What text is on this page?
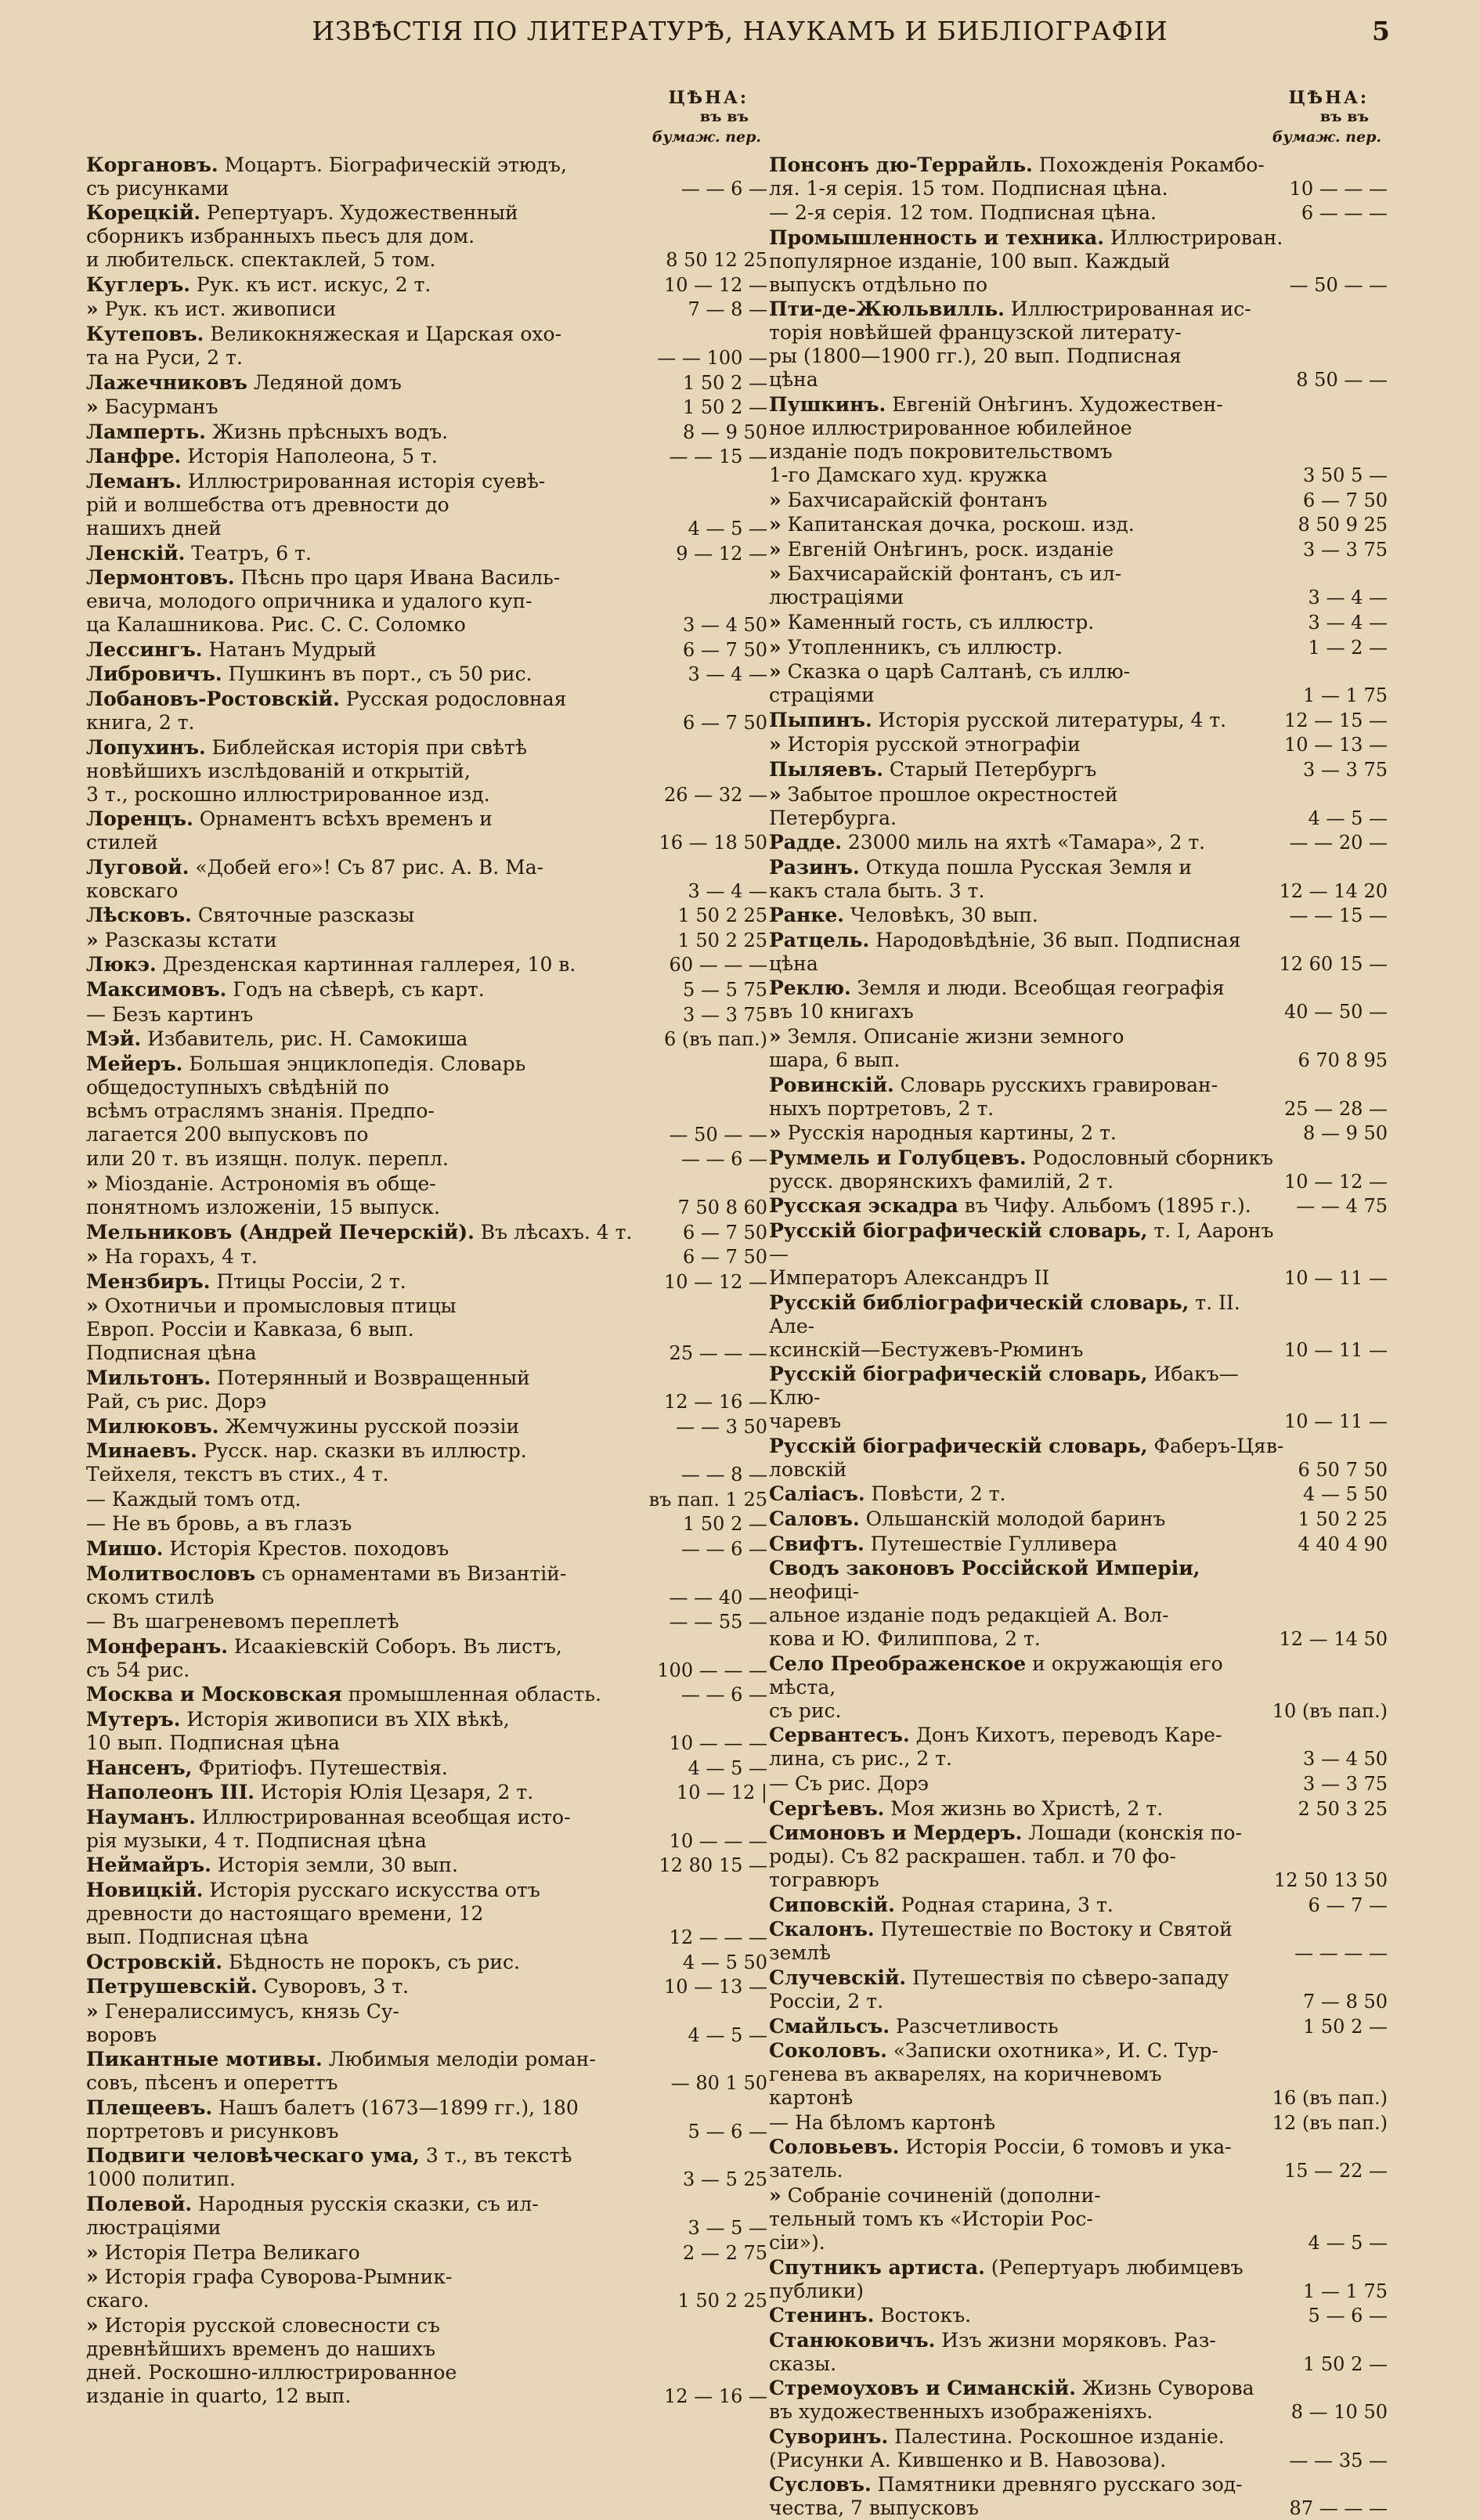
ИЗВѢСТІЯ ПО ЛИТЕРАТУРѢ, НАУКАМЪ И БИБЛІОГРАФІИ	5
ЦѢНА:
въ въ
бумаж. пер.
Коргановъ. Моцартъ. Біографическій этюдъ,
съ рисунками	— — 6 —
Корецкій. Репертуаръ. Художественный
сборникъ избранныхъ пьесъ для дом.
и любительск. спектаклей, 5 том.	8 50 12 25
Куглеръ. Рук. къ ист. искус, 2 т.	10 — 12 —
» Рук. къ ист. живописи	7 — 8 —
Кутеповъ. Великокняжеская и Царская охо-
та на Руси, 2 т.	— — 100 —
Лажечниковъ Ледяной домъ	1 50 2 —
» Басурманъ	1 50 2 —
Ламперть. Жизнь прѣсныхъ водъ.	8 — 9 50
Ланфре. Исторія Наполеона, 5 т.	— — 15 —
Леманъ. Иллюстрированная исторія суевѣ-
рій и волшебства отъ древности до
нашихъ дней	4 — 5 —
Ленскій. Театръ, 6 т.	9 — 12 —
Лермонтовъ. Пѣснь про царя Ивана Василь-
евича, молодого опричника и удалого куп-
ца Калашникова. Рис. С. С. Соломко	3 — 4 50
Лессингъ. Натанъ Мудрый	6 — 7 50
Либровичъ. Пушкинъ въ порт., съ 50 рис.	3 — 4 —
Лобановъ-Ростовскій. Русская родословная
книга, 2 т.	6 — 7 50
Лопухинъ. Библейская исторія при свѣтѣ
новѣйшихъ изслѣдованій и открытій,
3 т., роскошно иллюстрированное изд.	26 — 32 —
Лоренцъ. Орнаментъ всѣхъ временъ и
стилей	16 — 18 50
Луговой. «Добей его»! Съ 87 рис. А. В. Ма-
ковскаго	3 — 4 —
Лѣсковъ. Святочные разсказы	1 50 2 25
» Разсказы кстати	1 50 2 25
Люкэ. Дрезденская картинная галлерея, 10 в.	60 — — —
Максимовъ. Годъ на сѣверѣ, съ карт.	5 — 5 75
— Безъ картинъ	3 — 3 75
Мэй. Избавитель, рис. Н. Самокиша	6 (въ пап.)
Мейеръ. Большая энциклопедія. Словарь
общедоступныхъ свѣдѣній по
всѣмъ отраслямъ знанія. Предпо-
лагается 200 выпусковъ по	— 50 — —
или 20 т. въ изящн. полук. перепл.	— — 6 —
» Міозданіе. Астрономія въ обще-
понятномъ изложеніи, 15 выпуск.	7 50 8 60
Мельниковъ (Андрей Печерскій). Въ лѣсахъ. 4 т.	6 — 7 50
» На горахъ, 4 т.	6 — 7 50
Мензбиръ. Птицы Россіи, 2 т.	10 — 12 —
» Охотничьи и промысловыя птицы
Европ. Россіи и Кавказа, 6 вып.
Подписная цѣна	25 — — —
Мильтонъ. Потерянный и Возвращенный
Рай, съ рис. Дорэ	12 — 16 —
Милюковъ. Жемчужины русской поэзіи	— — 3 50
Минаевъ. Русск. нар. сказки въ иллюстр.
Тейхеля, текстъ въ стих., 4 т.	— — 8 —
— Каждый томъ отд.	въ пап. 1 25
— Не въ бровь, а въ глазъ	1 50 2 —
Мишо. Исторія Крестов. походовъ	— — 6 —
Молитвословъ съ орнаментами въ Византій-
скомъ стилѣ	— — 40 —
— Въ шагреневомъ переплетѣ	— — 55 —
Монферанъ. Исаакіевскій Соборъ. Въ листъ,
съ 54 рис.	100 — — —
Москва и Московская промышленная область.	— — 6 —
Мутеръ. Исторія живописи въ XIX вѣкѣ,
10 вып. Подписная цѣна	10 — — —
Нансенъ, Фритіофъ. Путешествія.	4 — 5 —
Наполеонъ III. Исторія Юлія Цезаря, 2 т.	10 — 12 |
Науманъ. Иллюстрированная всеобщая исто-
рія музыки, 4 т. Подписная цѣна	10 — — —
Неймайръ. Исторія земли, 30 вып.	12 80 15 —
Новицкій. Исторія русскаго искусства отъ
древности до настоящаго времени, 12
вып. Подписная цѣна	12 — — —
Островскій. Бѣдность не порокъ, съ рис.	4 — 5 50
Петрушевскій. Суворовъ, 3 т.	10 — 13 —
» Генералиссимусъ, князь Су-
воровъ	4 — 5 —
Пикантные мотивы. Любимыя мелодіи роман-
совъ, пѣсенъ и опереттъ	— 80 1 50
Плещеевъ. Нашъ балетъ (1673—1899 гг.), 180
портретовъ и рисунковъ	5 — 6 —
Подвиги человѣческаго ума, 3 т., въ текстѣ
1000 политип.	3 — 5 25
Полевой. Народныя русскія сказки, съ ил-
люстраціями	3 — 5 —
» Исторія Петра Великаго	2 — 2 75
» Исторія графа Суворова-Рымник-
скаго.	1 50 2 25
» Исторія русской словесности съ
древнѣйшихъ временъ до нашихъ
дней. Роскошно-иллюстрированное
изданіе in quarto, 12 вып.	12 — 16 —
ЦѢНА:
въ въ
бумаж. пер.
Понсонъ дю-Террайль. Похожденія Рокамбо-
ля. 1-я серія. 15 том. Подписная цѣна.	10 — — —
— 2-я серія. 12 том. Подписная цѣна.	6 — — —
Промышленность и техника. Иллюстрирован.
популярное изданіе, 100 вып. Каждый
выпускъ отдѣльно по	— 50 — —
Пти-де-Жюльвилль. Иллюстрированная ис-
торія новѣйшей французской литерату-
ры (1800—1900 гг.), 20 вып. Подписная
цѣна	8 50 — —
Пушкинъ. Евгеній Онѣгинъ. Художествен-
ное иллюстрированное юбилейное
изданіе подъ покровительствомъ
1-го Дамскаго худ. кружка	3 50 5 —
» Бахчисарайскій фонтанъ	6 — 7 50
» Капитанская дочка, роскош. изд.	8 50 9 25
» Евгеній Онѣгинъ, роск. изданіе	3 — 3 75
» Бахчисарайскій фонтанъ, съ ил-
люстраціями	3 — 4 —
» Каменный гость, съ иллюстр.	3 — 4 —
» Утопленникъ, съ иллюстр.	1 — 2 —
» Сказка о царѣ Салтанѣ, съ иллю-
страціями	1 — 1 75
Пыпинъ. Исторія русской литературы, 4 т.	12 — 15 —
» Исторія русской этнографіи	10 — 13 —
Пыляевъ. Старый Петербургъ	3 — 3 75
» Забытое прошлое окрестностей
Петербурга.	4 — 5 —
Радде. 23000 миль на яхтѣ «Тамара», 2 т.	— — 20 —
Разинъ. Откуда пошла Русская Земля и
какъ стала быть. 3 т.	12 — 14 20
Ранке. Человѣкъ, 30 вып.	— — 15 —
Ратцель. Народовѣдѣніе, 36 вып. Подписная
цѣна	12 60 15 —
Реклю. Земля и люди. Всеобщая географія
въ 10 книгахъ	40 — 50 —
» Земля. Описаніе жизни земного
шара, 6 вып.	6 70 8 95
Ровинскій. Словарь русскихъ гравирован-
ныхъ портретовъ, 2 т.	25 — 28 —
» Русскія народныя картины, 2 т.	8 — 9 50
Руммель и Голубцевъ. Родословный сборникъ
русск. дворянскихъ фамилій, 2 т.	10 — 12 —
Русская эскадра въ Чифу. Альбомъ (1895 г.).	— — 4 75
Русскій біографическій словарь, т. I, Ааронъ—
Императоръ Александръ II	10 — 11 —
Русскій библіографическій словарь, т. II. Але-
ксинскій—Бестужевъ-Рюминъ	10 — 11 —
Русскій біографическій словарь, Ибакъ—Клю-
чаревъ	10 — 11 —
Русскій біографическій словарь, Фаберъ-Цяв-
ловскій	6 50 7 50
Саліасъ. Повѣсти, 2 т.	4 — 5 50
Саловъ. Ольшанскій молодой баринъ	1 50 2 25
Свифтъ. Путешествіе Гулливера	4 40 4 90
Сводъ законовъ Россійской Имперіи, неофиці-
альное изданіе подъ редакціей А. Вол-
кова и Ю. Филиппова, 2 т.	12 — 14 50
Село Преображенское и окружающія его мѣста,
съ рис.	10 (въ пап.)
Сервантесъ. Донъ Кихотъ, переводъ Каре-
лина, съ рис., 2 т.	3 — 4 50
— Съ рис. Дорэ	3 — 3 75
Сергѣевъ. Моя жизнь во Христѣ, 2 т.	2 50 3 25
Симоновъ и Мердеръ. Лошади (конскія по-
роды). Съ 82 раскрашен. табл. и 70 фо-
тогравюръ	12 50 13 50
Сиповскій. Родная старина, 3 т.	6 — 7 —
Скалонъ. Путешествіе по Востоку и Святой
землѣ	— — — —
Случевскій. Путешествія по сѣверо-западу
Россіи, 2 т.	7 — 8 50
Смайльсъ. Разсчетливость	1 50 2 —
Соколовъ. «Записки охотника», И. С. Тур-
генева въ акварелях, на коричневомъ
картонѣ	16 (въ пап.)
— На бѣломъ картонѣ	12 (въ пап.)
Соловьевъ. Исторія Россіи, 6 томовъ и ука-
затель.	15 — 22 —
» Собраніе сочиненій (дополни-
тельный томъ къ «Исторіи Рос-
сіи»).	4 — 5 —
Спутникъ артиста. (Репертуаръ любимцевъ
публики)	1 — 1 75
Стенинъ. Востокъ.	5 — 6 —
Станюковичъ. Изъ жизни моряковъ. Раз-
сказы.	1 50 2 —
Стремоуховъ и Симанскій. Жизнь Суворова
въ художественныхъ изображеніяхъ.	8 — 10 50
Суворинъ. Палестина. Роскошное изданіе.
(Рисунки А. Кившенко и В. Навозова).	— — 35 —
Сусловъ. Памятники древняго русскаго зод-
чества, 7 выпусковъ	87 — — —
